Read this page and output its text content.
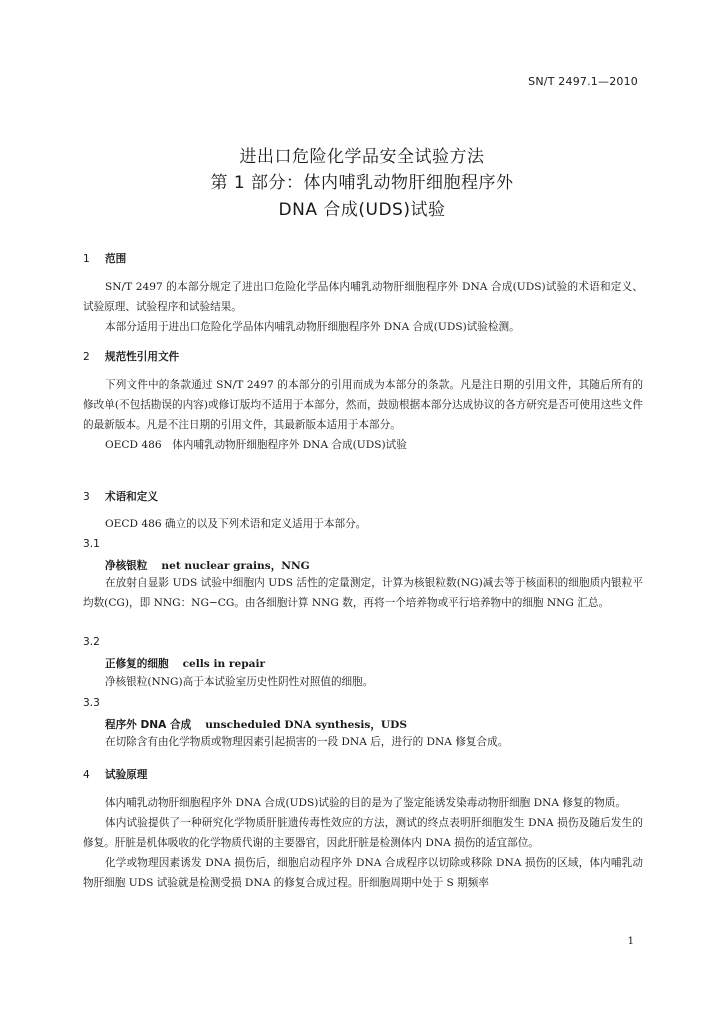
SN/T 2497.1—2010
进出口危险化学品安全试验方法
第 1 部分：体内哺乳动物肝细胞程序外
DNA 合成(UDS)试验
1 范围

SN/T 2497 的本部分规定了进出口危险化学品体内哺乳动物肝细胞程序外 DNA 合成(UDS)试验的术语和定义、试验原理、试验程序和试验结果。

本部分适用于进出口危险化学品体内哺乳动物肝细胞程序外 DNA 合成(UDS)试验检测。

2 规范性引用文件

下列文件中的条款通过 SN/T 2497 的本部分的引用而成为本部分的条款。凡是注日期的引用文件，其随后所有的修改单(不包括勘误的内容)或修订版均不适用于本部分，然而，鼓励根据本部分达成协议的各方研究是否可使用这些文件的最新版本。凡是不注日期的引用文件，其最新版本适用于本部分。

OECD 486　体内哺乳动物肝细胞程序外 DNA 合成(UDS)试验

3 术语和定义

OECD 486 确立的以及下列术语和定义适用于本部分。

3.1
净核银粒 net nuclear grains，NNG

在放射自显影 UDS 试验中细胞内 UDS 活性的定量测定，计算为核银粒数(NG)减去等于核面积的细胞质内银粒平均数(CG)，即 NNG：NG−CG。由各细胞计算 NNG 数，再将一个培养物或平行培养物中的细胞 NNG 汇总。

3.2
正修复的细胞 cells in repair

净核银粒(NNG)高于本试验室历史性阴性对照值的细胞。

3.3
程序外 DNA 合成 unscheduled DNA synthesis，UDS

在切除含有由化学物质或物理因素引起损害的一段 DNA 后，进行的 DNA 修复合成。

4 试验原理

体内哺乳动物肝细胞程序外 DNA 合成(UDS)试验的目的是为了鉴定能诱发染毒动物肝细胞 DNA 修复的物质。

体内试验提供了一种研究化学物质肝脏遗传毒性效应的方法，测试的终点表明肝细胞发生 DNA 损伤及随后发生的修复。肝脏是机体吸收的化学物质代谢的主要器官，因此肝脏是检测体内 DNA 损伤的适宜部位。

化学或物理因素诱发 DNA 损伤后，细胞启动程序外 DNA 合成程序以切除或移除 DNA 损伤的区域，体内哺乳动物肝细胞 UDS 试验就是检测受损 DNA 的修复合成过程。肝细胞周期中处于 S 期频率

1
